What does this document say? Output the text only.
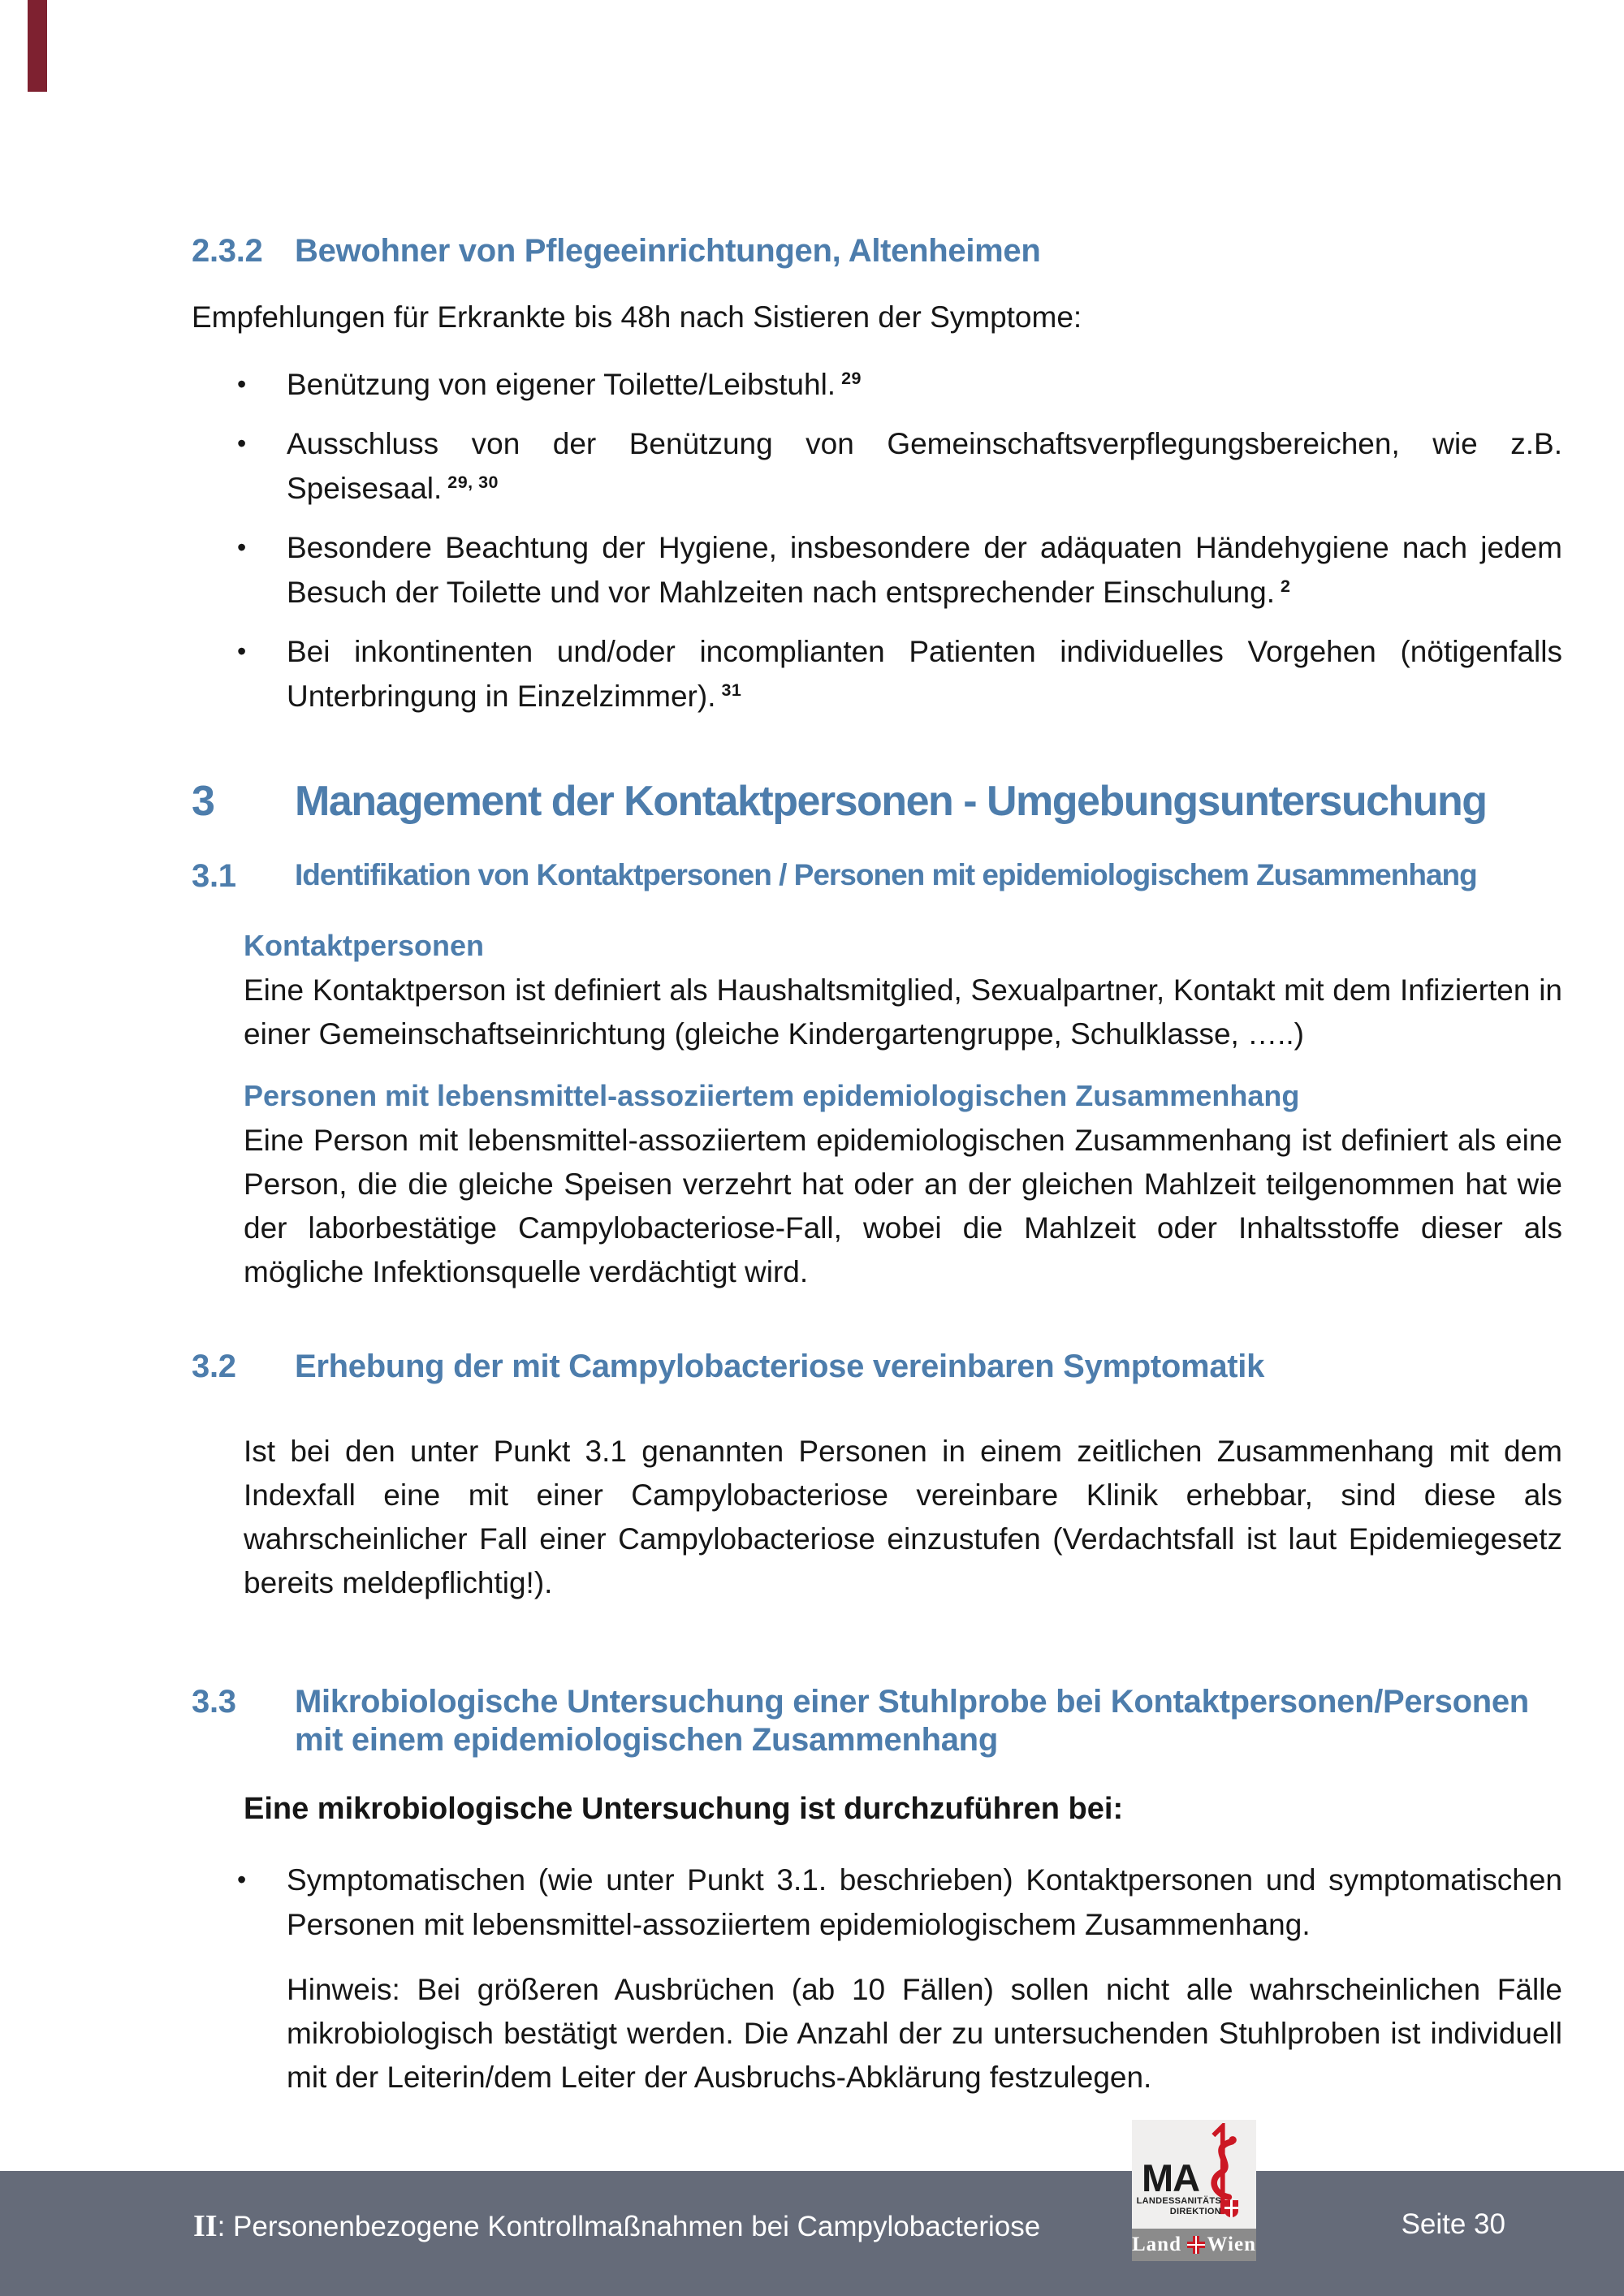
2.3.2 Bewohner von Pflegeeinrichtungen, Altenheimen

Empfehlungen für Erkrankte bis 48h nach Sistieren der Symptome:

• Benützung von eigener Toilette/Leibstuhl. $^{29}$
• Ausschluss von der Benützung von Gemeinschaftsverpflegungsbereichen, wie z.B. Speisesaal. $^{29, 30}$
• Besondere Beachtung der Hygiene, insbesondere der adäquaten Händehygiene nach jedem Besuch der Toilette und vor Mahlzeiten nach entsprechender Einschulung. $^2$
• Bei inkontinenten und/oder incomplianten Patienten individuelles Vorgehen (nötigenfalls Unterbringung in Einzelzimmer). $^{31}$
3	Management der Kontaktpersonen - Umgebungsuntersuchung
3.1	Identifikation von Kontaktpersonen / Personen mit epidemiologischem Zusammenhang
Kontaktpersonen

Eine Kontaktperson ist definiert als Haushaltsmitglied, Sexualpartner, Kontakt mit dem Infizierten in einer Gemeinschaftseinrichtung (gleiche Kindergartengruppe, Schulklasse, …..)

Personen mit lebensmittel-assoziiertem epidemiologischen Zusammenhang

Eine Person mit lebensmittel-assoziiertem epidemiologischen Zusammenhang ist definiert als eine Person, die die gleiche Speisen verzehrt hat oder an der gleichen Mahlzeit teilgenommen hat wie der laborbestätige Campylobacteriose-Fall, wobei die Mahlzeit oder Inhaltsstoffe dieser als mögliche Infektionsquelle verdächtigt wird.

3.2	Erhebung der mit Campylobacteriose vereinbaren Symptomatik

Ist bei den unter Punkt 3.1 genannten Personen in einem zeitlichen Zusammenhang mit dem Indexfall eine mit einer Campylobacteriose vereinbare Klinik erhebbar, sind diese als wahrscheinlicher Fall einer Campylobacteriose einzustufen (Verdachtsfall ist laut Epidemiegesetz bereits meldepflichtig!).

3.3	Mikrobiologische Untersuchung einer Stuhlprobe bei Kontaktpersonen/Personen mit einem epidemiologischen Zusammenhang

Eine mikrobiologische Untersuchung ist durchzuführen bei:

• Symptomatischen (wie unter Punkt 3.1. beschrieben) Kontaktpersonen und symptomatischen Personen mit lebensmittel-assoziiertem epidemiologischem Zusammenhang.

Hinweis: Bei größeren Ausbrüchen (ab 10 Fällen) sollen nicht alle wahrscheinlichen Fälle mikrobiologisch bestätigt werden. Die Anzahl der zu untersuchenden Stuhlproben ist individuell mit der Leiterin/dem Leiter der Ausbruchs-Abklärung festzulegen.

MA
LANDESSANITÄTS
DIREKTION
Land Wien
II: Personenbezogene Kontrollmaßnahmen bei Campylobacteriose	Seite 30
